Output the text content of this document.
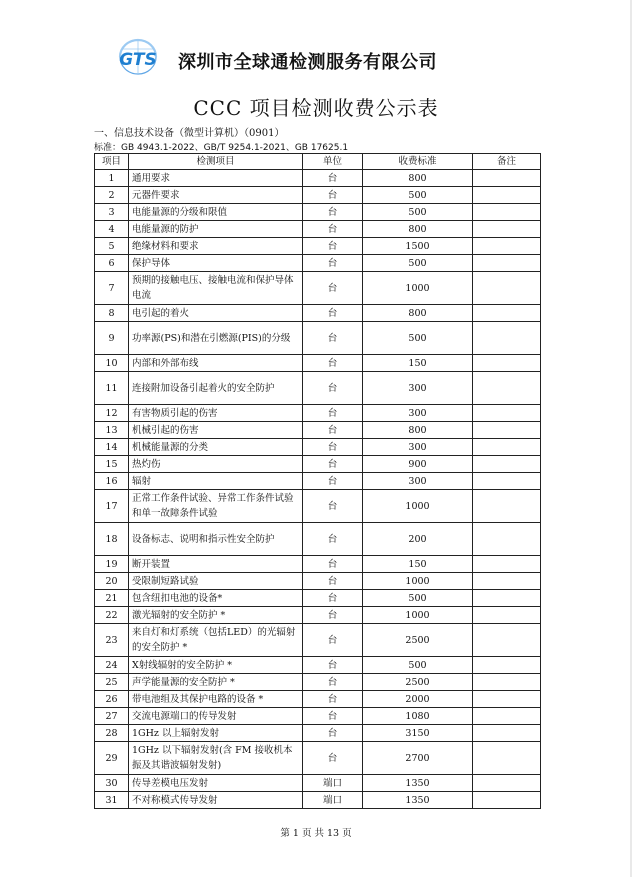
GTS 深圳市全球通检测服务有限公司
CCC 项目检测收费公示表
一、信息技术设备（微型计算机）（0901）
标准：GB 4943.1-2022、GB/T 9254.1-2021、GB 17625.1
项目	检测项目	单位	收费标准	备注
1	通用要求	台	800	
2	元器件要求	台	500	
3	电能量源的分级和限值	台	500	
4	电能量源的防护	台	800	
5	绝缘材料和要求	台	1500	
6	保护导体	台	500	
7	预期的接触电压、接触电流和保护导体电流	台	1000	
8	电引起的着火	台	800	
9	功率源(PS)和潜在引燃源(PIS)的分级	台	500	
10	内部和外部布线	台	150	
11	连接附加设备引起着火的安全防护	台	300	
12	有害物质引起的伤害	台	300	
13	机械引起的伤害	台	800	
14	机械能量源的分类	台	300	
15	热灼伤	台	900	
16	辐射	台	300	
17	正常工作条件试验、异常工作条件试验和单一故障条件试验	台	1000	
18	设备标志、说明和指示性安全防护	台	200	
19	断开装置	台	150	
20	受限制短路试验	台	1000	
21	包含纽扣电池的设备*	台	500	
22	激光辐射的安全防护 *	台	1000	
23	来自灯和灯系统（包括LED）的光辐射的安全防护 *	台	2500	
24	X射线辐射的安全防护 *	台	500	
25	声学能量源的安全防护 *	台	2500	
26	带电池组及其保护电路的设备 *	台	2000	
27	交流电源端口的传导发射	台	1080	
28	1GHz 以上辐射发射	台	3150	
29	1GHz 以下辐射发射(含 FM 接收机本振及其谐波辐射发射)	台	2700	
30	传导差模电压发射	端口	1350	
31	不对称模式传导发射	端口	1350	
第 1 页 共 13 页
